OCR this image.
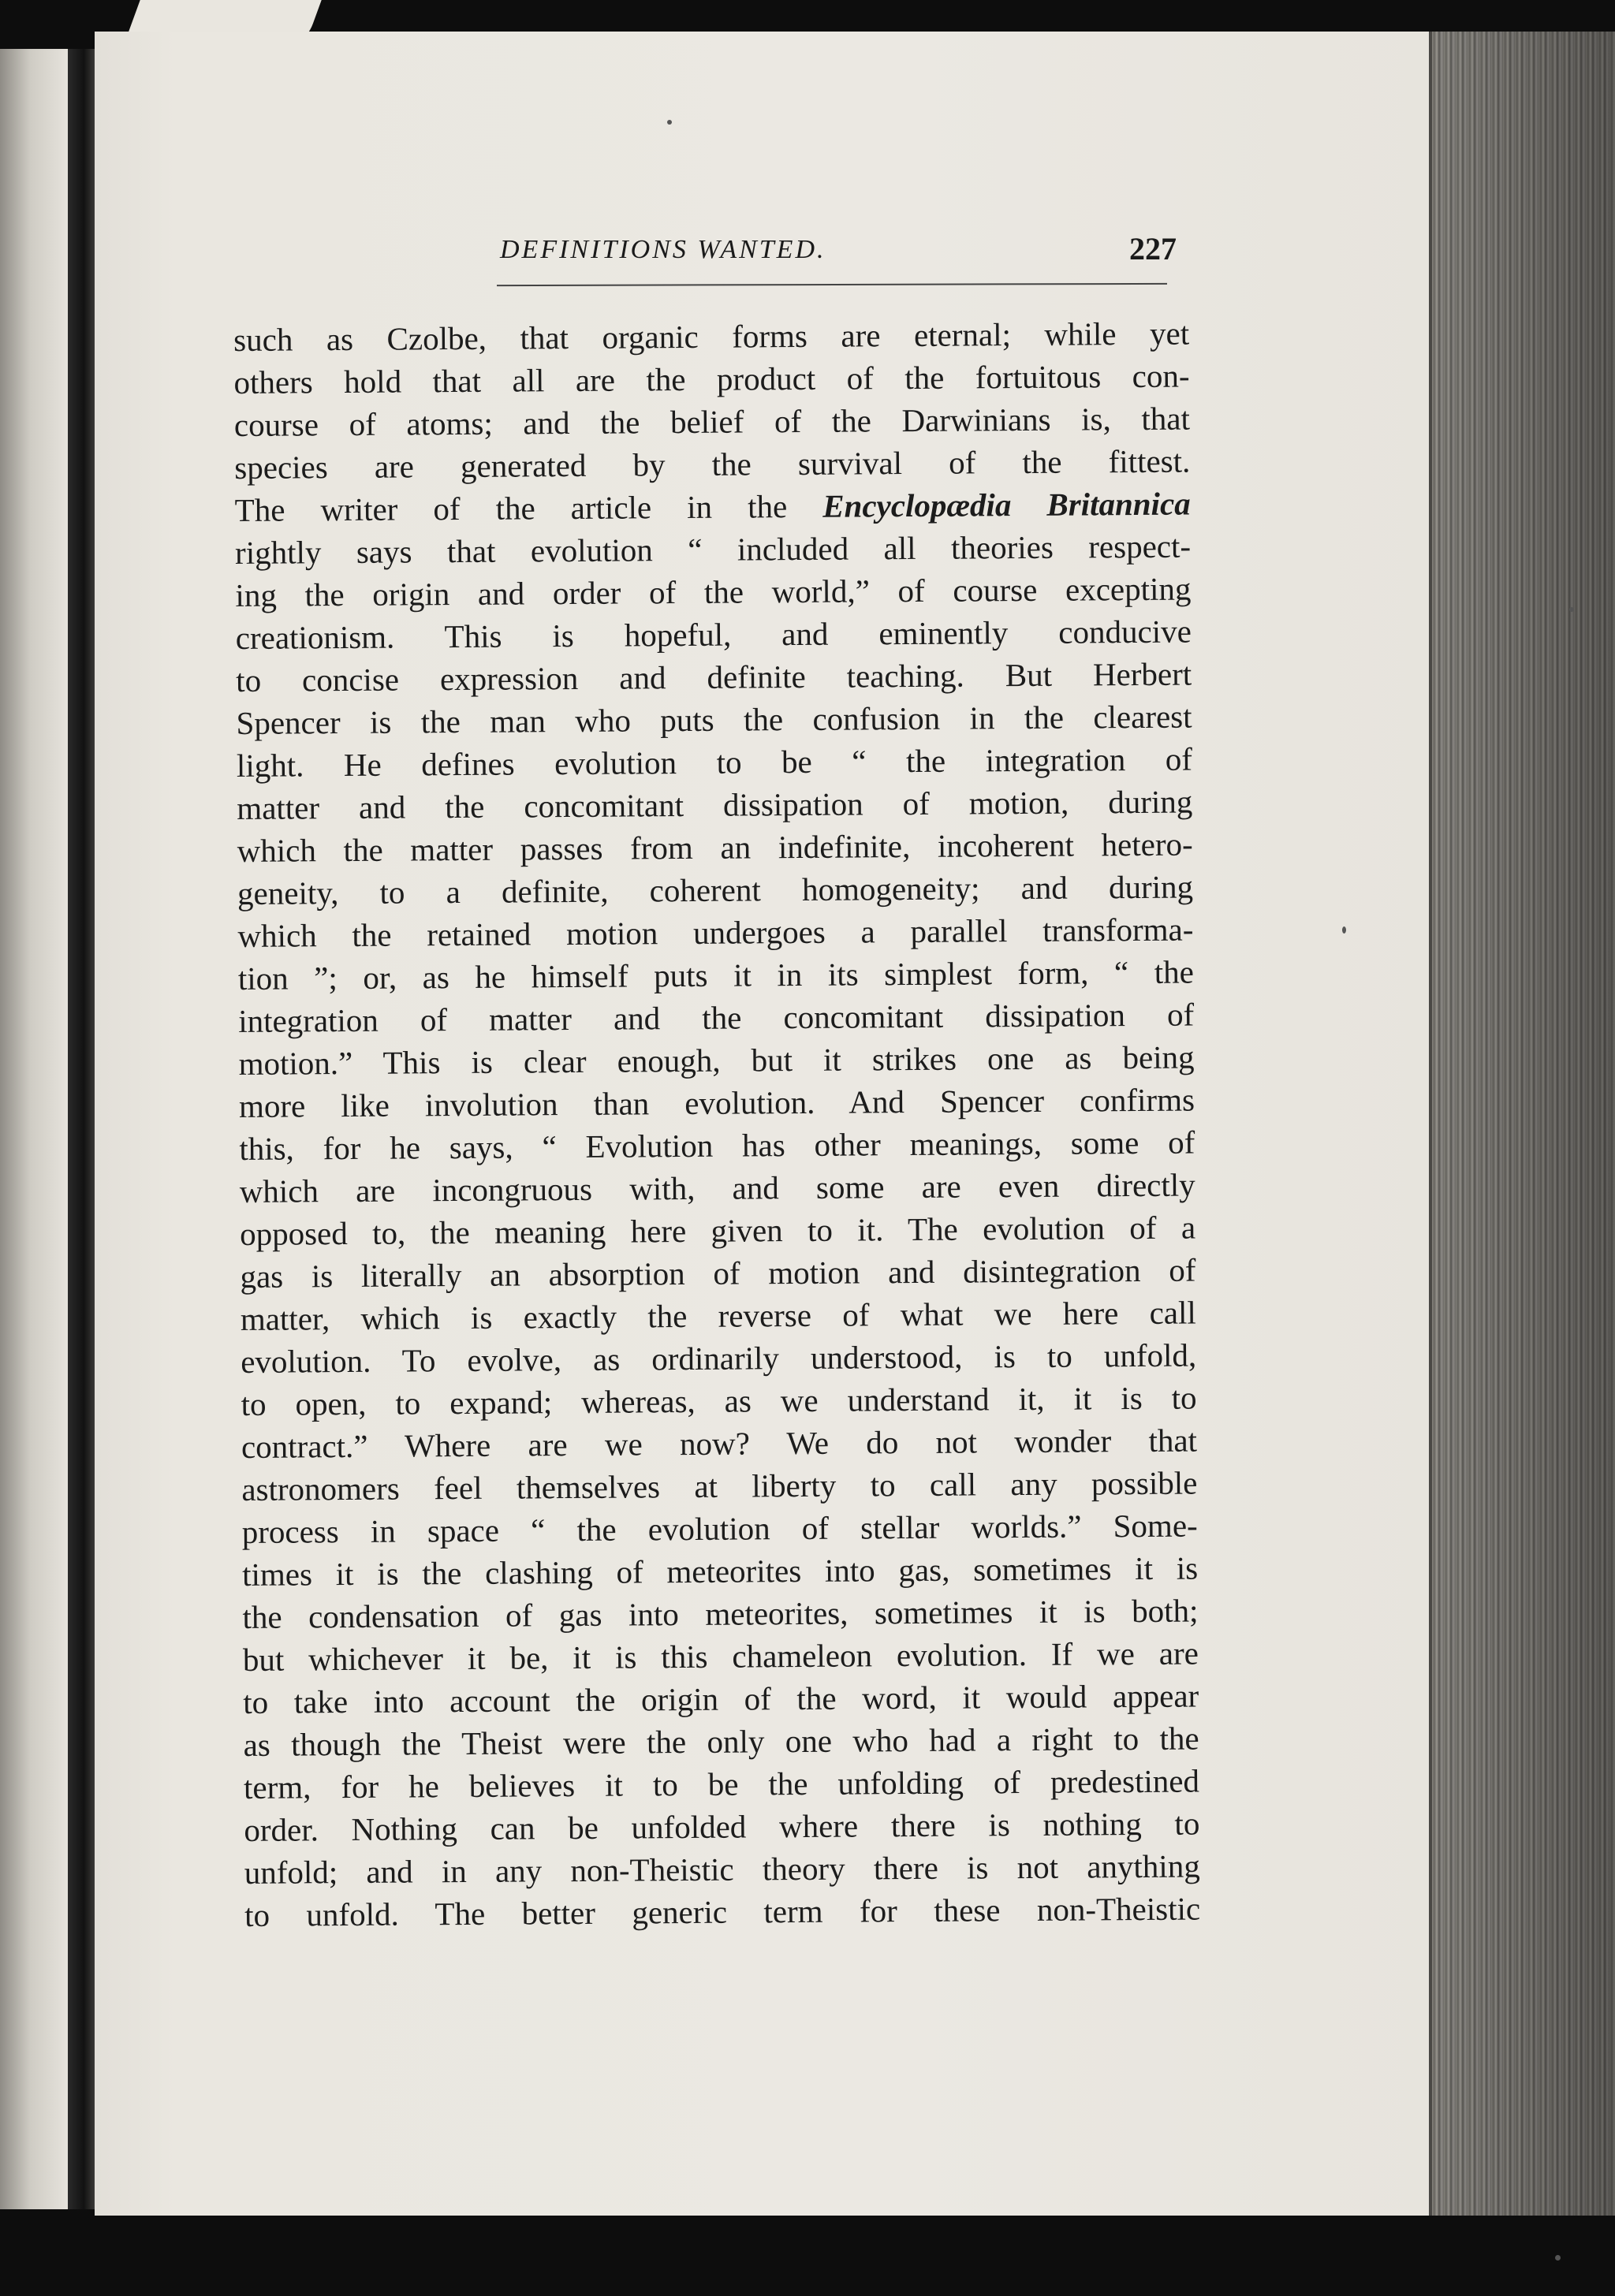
DEFINITIONS WANTED.	227
such as Czolbe, that organic forms are eternal; while yet
others hold that all are the product of the fortuitous con-
course of atoms; and the belief of the Darwinians is, that
species are generated by the survival of the fittest.
The writer of the article in the Encyclopædia Britannica
rightly says that evolution “ included all theories respect-
ing the origin and order of the world,” of course excepting
creationism. This is hopeful, and eminently conducive
to concise expression and definite teaching. But Herbert
Spencer is the man who puts the confusion in the clearest
light. He defines evolution to be “ the integration of
matter and the concomitant dissipation of motion, during
which the matter passes from an indefinite, incoherent hetero-
geneity, to a definite, coherent homogeneity; and during
which the retained motion undergoes a parallel transforma-
tion ”; or, as he himself puts it in its simplest form, “ the
integration of matter and the concomitant dissipation of
motion.” This is clear enough, but it strikes one as being
more like involution than evolution. And Spencer confirms
this, for he says, “ Evolution has other meanings, some of
which are incongruous with, and some are even directly
opposed to, the meaning here given to it. The evolution of a
gas is literally an absorption of motion and disintegration of
matter, which is exactly the reverse of what we here call
evolution. To evolve, as ordinarily understood, is to unfold,
to open, to expand; whereas, as we understand it, it is to
contract.” Where are we now? We do not wonder that
astronomers feel themselves at liberty to call any possible
process in space “ the evolution of stellar worlds.” Some-
times it is the clashing of meteorites into gas, sometimes it is
the condensation of gas into meteorites, sometimes it is both;
but whichever it be, it is this chameleon evolution. If we are
to take into account the origin of the word, it would appear
as though the Theist were the only one who had a right to the
term, for he believes it to be the unfolding of predestined
order. Nothing can be unfolded where there is nothing to
unfold; and in any non-Theistic theory there is not anything
to unfold. The better generic term for these non-Theistic
